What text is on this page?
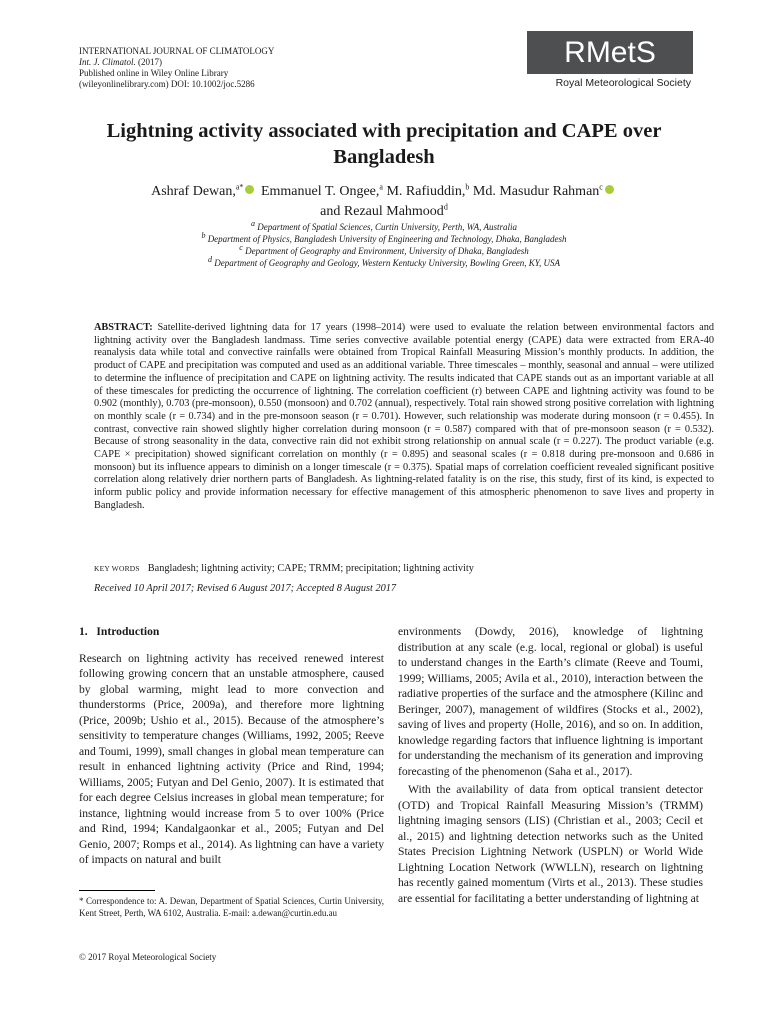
INTERNATIONAL JOURNAL OF CLIMATOLOGY
Int. J. Climatol. (2017)
Published online in Wiley Online Library
(wileyonlinelibrary.com) DOI: 10.1002/joc.5286
RMetS
Royal Meteorological Society
Lightning activity associated with precipitation and CAPE over Bangladesh
Ashraf Dewan,$^{a*}$ Emmanuel T. Ongee,$^a$ M. Rafiuddin,$^b$ Md. Masudur Rahman$^c$
and Rezaul Mahmood$^d$
$^a$ Department of Spatial Sciences, Curtin University, Perth, WA, Australia
$^b$ Department of Physics, Bangladesh University of Engineering and Technology, Dhaka, Bangladesh
$^c$ Department of Geography and Environment, University of Dhaka, Bangladesh
$^d$ Department of Geography and Geology, Western Kentucky University, Bowling Green, KY, USA
ABSTRACT: Satellite-derived lightning data for 17 years (1998–2014) were used to evaluate the relation between environmental factors and lightning activity over the Bangladesh landmass. Time series convective available potential energy (CAPE) data were extracted from ERA-40 reanalysis data while total and convective rainfalls were obtained from Tropical Rainfall Measuring Mission’s monthly products. In addition, the product of CAPE and precipitation was computed and used as an additional variable. Three timescales – monthly, seasonal and annual – were utilized to determine the influence of precipitation and CAPE on lightning activity. The results indicated that CAPE stands out as an important variable at all of these timescales for predicting the occurrence of lightning. The correlation coefficient (r) between CAPE and lightning activity was found to be 0.902 (monthly), 0.703 (pre-monsoon), 0.550 (monsoon) and 0.702 (annual), respectively. Total rain showed strong positive correlation with lightning on monthly scale (r = 0.734) and in the pre-monsoon season (r = 0.701). However, such relationship was moderate during monsoon (r = 0.455). In contrast, convective rain showed slightly higher correlation during monsoon (r = 0.587) compared with that of pre-monsoon season (r = 0.532). Because of strong seasonality in the data, convective rain did not exhibit strong relationship on annual scale (r = 0.227). The product variable (e.g. CAPE × precipitation) showed significant correlation on monthly (r = 0.895) and seasonal scales (r = 0.818 during pre-monsoon and 0.686 in monsoon) but its influence appears to diminish on a longer timescale (r = 0.375). Spatial maps of correlation coefficient revealed significant positive correlation along relatively drier northern parts of Bangladesh. As lightning-related fatality is on the rise, this study, first of its kind, is expected to inform public policy and provide information necessary for effective management of this atmospheric phenomenon to save lives and property in Bangladesh.
KEY WORDS Bangladesh; lightning activity; CAPE; TRMM; precipitation; lightning activity
Received 10 April 2017; Revised 6 August 2017; Accepted 8 August 2017
1. Introduction

Research on lightning activity has received renewed interest following growing concern that an unstable atmosphere, caused by global warming, might lead to more convection and thunderstorms (Price, 2009a), and therefore more lightning (Price, 2009b; Ushio et al., 2015). Because of the atmosphere’s sensitivity to temperature changes (Williams, 1992, 2005; Reeve and Toumi, 1999), small changes in global mean temperature can result in enhanced lightning activity (Price and Rind, 1994; Williams, 2005; Futyan and Del Genio, 2007). It is estimated that for each degree Celsius increases in global mean temperature; for instance, lightning would increase from 5 to over 100% (Price and Rind, 1994; Kandalgaonkar et al., 2005; Futyan and Del Genio, 2007; Romps et al., 2014). As lightning can have a variety of impacts on natural and built

environments (Dowdy, 2016), knowledge of lightning distribution at any scale (e.g. local, regional or global) is useful to understand changes in the Earth’s climate (Reeve and Toumi, 1999; Williams, 2005; Avila et al., 2010), interaction between the radiative properties of the surface and the atmosphere (Kilinc and Beringer, 2007), management of wildfires (Stocks et al., 2002), saving of lives and property (Holle, 2016), and so on. In addition, knowledge regarding factors that influence lightning is important for understanding the mechanism of its generation and improving forecasting of the phenomenon (Saha et al., 2017).

With the availability of data from optical transient detector (OTD) and Tropical Rainfall Measuring Mission’s (TRMM) lightning imaging sensors (LIS) (Christian et al., 2003; Cecil et al., 2015) and lightning detection networks such as the United States Precision Lightning Network (USPLN) or World Wide Lightning Location Network (WWLLN), research on lightning has recently gained momentum (Virts et al., 2013). These studies are essential for facilitating a better understanding of lightning at

* Correspondence to: A. Dewan, Department of Spatial Sciences, Curtin University, Kent Street, Perth, WA 6102, Australia. E-mail: a.dewan@curtin.edu.au
© 2017 Royal Meteorological Society
